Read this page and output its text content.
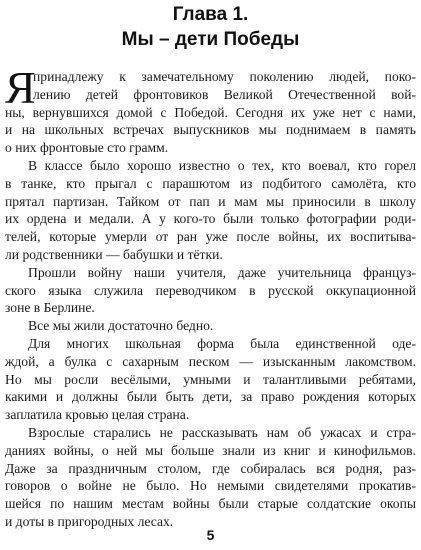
Глава 1.
Мы – дети Победы
Я
принадлежу к замечательному поколению людей, поко-
лению детей фронтовиков Великой Отечественной вой-
ны, вернувшихся домой с Победой. Сегодня их уже нет с нами,
и на школьных встречах выпускников мы поднимаем в память
о них фронтовые сто грамм.
В классе было хорошо известно о тех, кто воевал, кто горел
в танке, кто прыгал с парашютом из подбитого самолёта, кто
прятал партизан. Тайком от пап и мам мы приносили в школу
их ордена и медали. А у кого-то были только фотографии роди-
телей, которые умерли от ран уже после войны, их воспитыва-
ли родственники — бабушки и тётки.
Прошли войну наши учителя, даже учительница француз-
ского языка служила переводчиком в русской оккупационной
зоне в Берлине.
Все мы жили достаточно бедно.
Для многих школьная форма была единственной оде-
ждой, а булка с сахарным песком — изысканным лакомством.
Но мы росли весёлыми, умными и талантливыми ребятами,
какими и должны были быть дети, за право рождения которых
заплатила кровью целая страна.
Взрослые старались не рассказывать нам об ужасах и стра-
даниях войны, о ней мы больше знали из книг и кинофильмов.
Даже за праздничным столом, где собиралась вся родня, раз-
говоров о войне не было. Но немыми свидетелями прокатив-
шейся по нашим местам войны были старые солдатские окопы
и доты в пригородных лесах.
5
